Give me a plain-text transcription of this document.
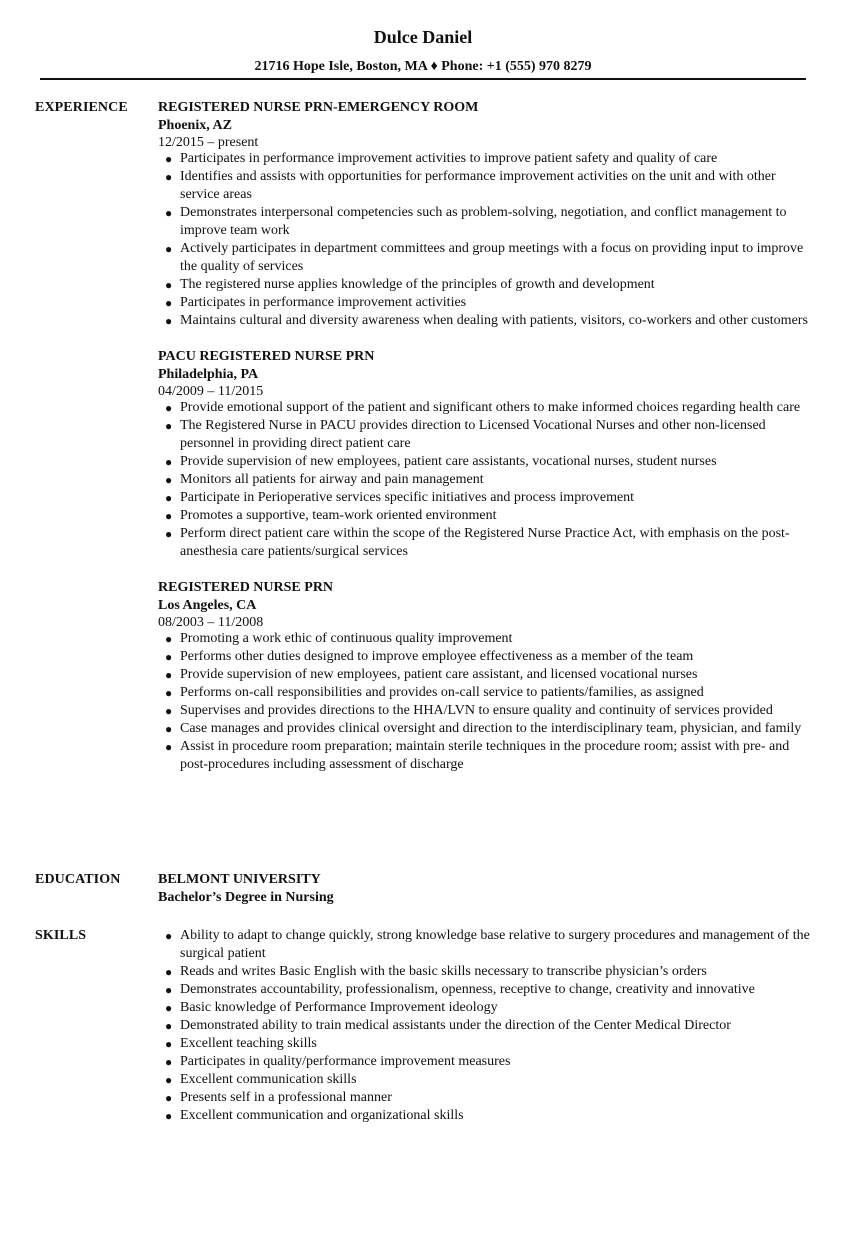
Dulce Daniel
21716 Hope Isle, Boston, MA ♦ Phone: +1 (555) 970 8279
EXPERIENCE REGISTERED NURSE PRN-EMERGENCY ROOM
Phoenix, AZ
12/2015 – present
● Participates in performance improvement activities to improve patient safety and quality of care
● Identifies and assists with opportunities for performance improvement activities on the unit and with other service areas
● Demonstrates interpersonal competencies such as problem-solving, negotiation, and conflict management to improve team work
● Actively participates in department committees and group meetings with a focus on providing input to improve the quality of services
● The registered nurse applies knowledge of the principles of growth and development
● Participates in performance improvement activities
● Maintains cultural and diversity awareness when dealing with patients, visitors, co-workers and other customers
PACU REGISTERED NURSE PRN
Philadelphia, PA
04/2009 – 11/2015
● Provide emotional support of the patient and significant others to make informed choices regarding health care
● The Registered Nurse in PACU provides direction to Licensed Vocational Nurses and other non-licensed personnel in providing direct patient care
● Provide supervision of new employees, patient care assistants, vocational nurses, student nurses
● Monitors all patients for airway and pain management
● Participate in Perioperative services specific initiatives and process improvement
● Promotes a supportive, team-work oriented environment
● Perform direct patient care within the scope of the Registered Nurse Practice Act, with emphasis on the post-anesthesia care patients/surgical services
REGISTERED NURSE PRN
Los Angeles, CA
08/2003 – 11/2008
● Promoting a work ethic of continuous quality improvement
● Performs other duties designed to improve employee effectiveness as a member of the team
● Provide supervision of new employees, patient care assistant, and licensed vocational nurses
● Performs on-call responsibilities and provides on-call service to patients/families, as assigned
● Supervises and provides directions to the HHA/LVN to ensure quality and continuity of services provided
● Case manages and provides clinical oversight and direction to the interdisciplinary team, physician, and family
● Assist in procedure room preparation; maintain sterile techniques in the procedure room; assist with pre- and post-procedures including assessment of discharge
EDUCATION	BELMONT UNIVERSITY
Bachelor’s Degree in Nursing
SKILLS	● Ability to adapt to change quickly, strong knowledge base relative to surgery procedures and management of the surgical patient
● Reads and writes Basic English with the basic skills necessary to transcribe physician’s orders
● Demonstrates accountability, professionalism, openness, receptive to change, creativity and innovative
● Basic knowledge of Performance Improvement ideology
● Demonstrated ability to train medical assistants under the direction of the Center Medical Director
● Excellent teaching skills
● Participates in quality/performance improvement measures
● Excellent communication skills
● Presents self in a professional manner
● Excellent communication and organizational skills
